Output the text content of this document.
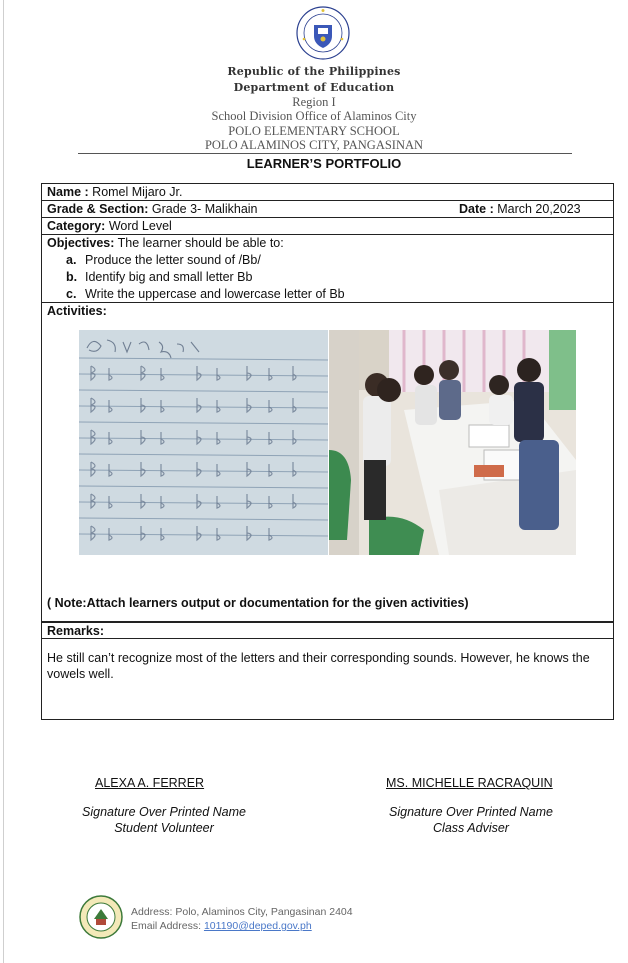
Republic of the Philippines
Department of Education
Region I
School Division Office of Alaminos City
POLO ELEMENTARY SCHOOL
POLO ALAMINOS CITY, PANGASINAN
LEARNER’S PORTFOLIO
Name : Romel Mijaro Jr.
Grade & Section: Grade 3- Malikhain	Date : March 20,2023
Category: Word Level
Objectives: The learner should be able to:
a. Produce the letter sound of /Bb/
b. Identify big and small letter Bb
c. Write the uppercase and lowercase letter of Bb
Activities:
( Note:Attach learners output or documentation for the given activities)
Remarks:
He still can’t recognize most of the letters and their corresponding sounds. However, he knows the vowels well.
ALEXA A. FERRER
Signature Over Printed Name
Student Volunteer
MS. MICHELLE RACRAQUIN
Signature Over Printed Name
Class Adviser
Address: Polo, Alaminos City, Pangasinan 2404
Email Address: 101190@deped.gov.ph
